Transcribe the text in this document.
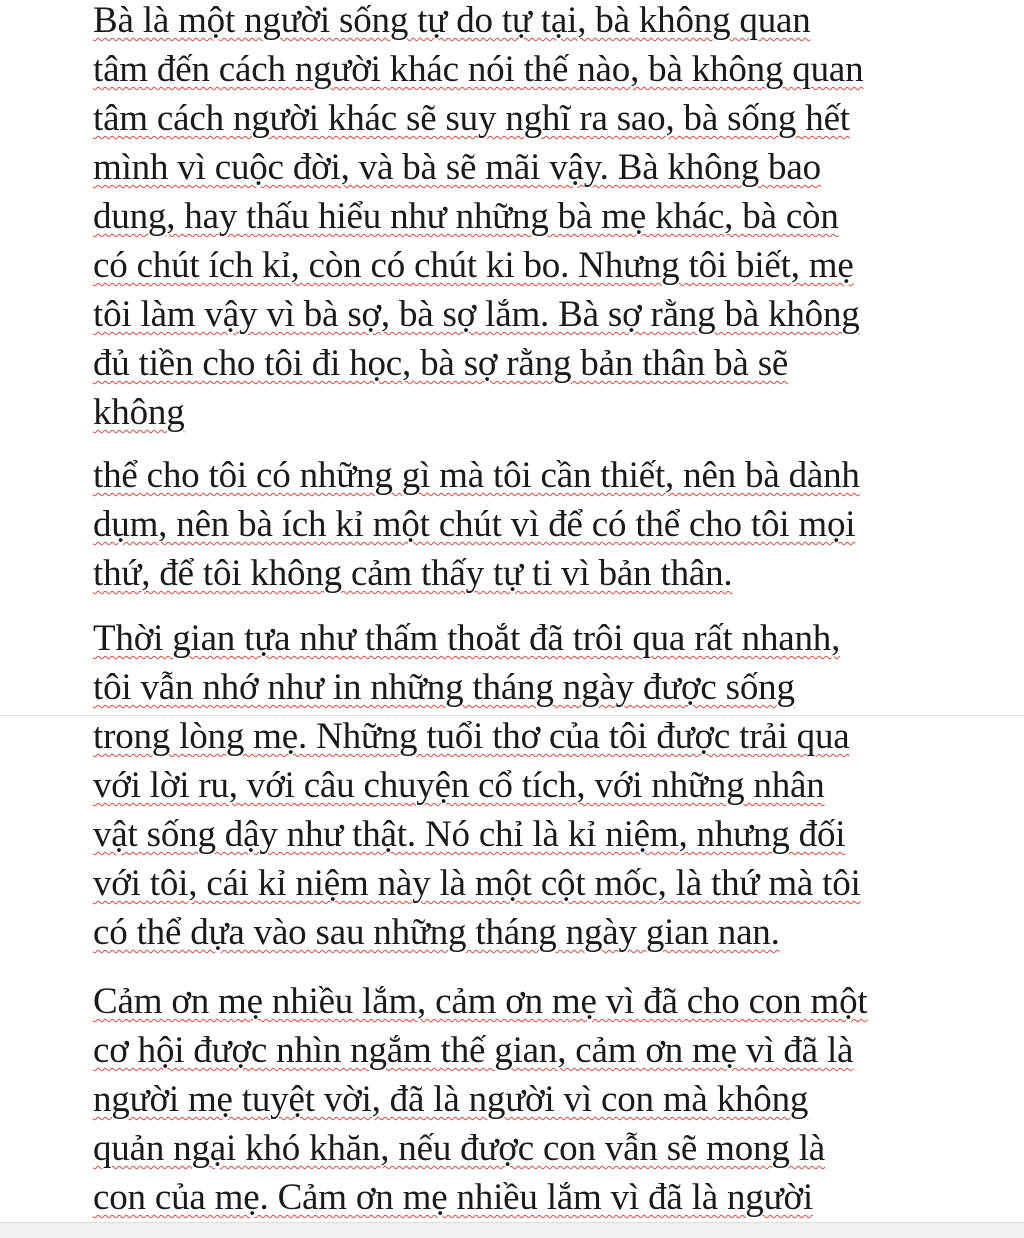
Bà là một người sống tự do tự tại, bà không quan
tâm đến cách người khác nói thế nào, bà không quan
tâm cách người khác sẽ suy nghĩ ra sao, bà sống hết
mình vì cuộc đời, và bà sẽ mãi vậy. Bà không bao
dung, hay thấu hiểu như những bà mẹ khác, bà còn
có chút ích kỉ, còn có chút ki bo. Nhưng tôi biết, mẹ
tôi làm vậy vì bà sợ, bà sợ lắm. Bà sợ rằng bà không
đủ tiền cho tôi đi học, bà sợ rằng bản thân bà sẽ
không
thể cho tôi có những gì mà tôi cần thiết, nên bà dành
dụm, nên bà ích kỉ một chút vì để có thể cho tôi mọi
thứ, để tôi không cảm thấy tự ti vì bản thân.
Thời gian tựa như thấm thoắt đã trôi qua rất nhanh,
tôi vẫn nhớ như in những tháng ngày được sống
trong lòng mẹ. Những tuổi thơ của tôi được trải qua
với lời ru, với câu chuyện cổ tích, với những nhân
vật sống dậy như thật. Nó chỉ là kỉ niệm, nhưng đối
với tôi, cái kỉ niệm này là một cột mốc, là thứ mà tôi
có thể dựa vào sau những tháng ngày gian nan.
Cảm ơn mẹ nhiều lắm, cảm ơn mẹ vì đã cho con một
cơ hội được nhìn ngắm thế gian, cảm ơn mẹ vì đã là
người mẹ tuyệt vời, đã là người vì con mà không
quản ngại khó khăn, nếu được con vẫn sẽ mong là
con của mẹ. Cảm ơn mẹ nhiều lắm vì đã là người
